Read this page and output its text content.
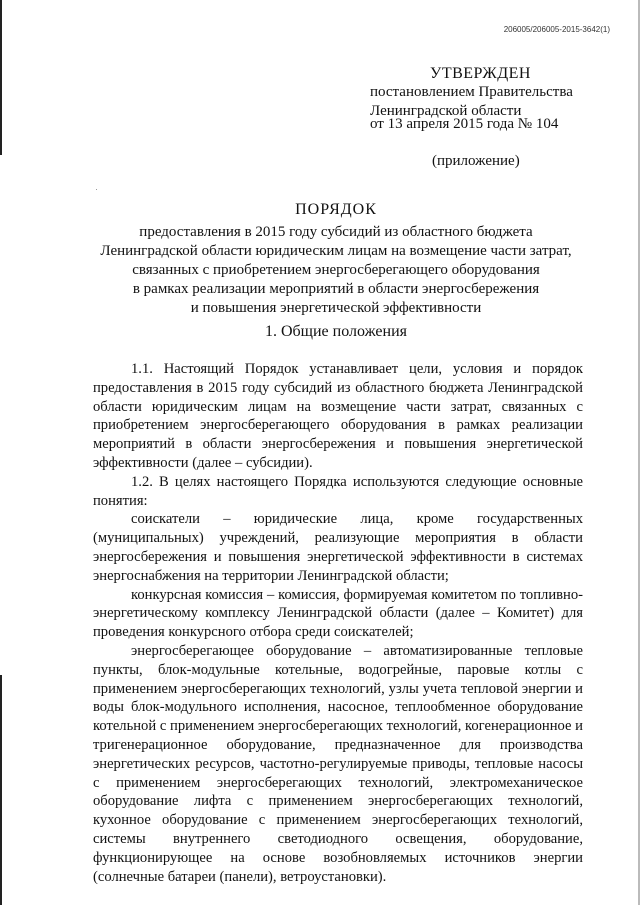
206005/206005-2015-3642(1)
УТВЕРЖДЕН
постановлением Правительства
Ленинградской области
от 13 апреля 2015 года № 104
(приложение)
ПОРЯДОК
предоставления в 2015 году субсидий из областного бюджета
Ленинградской области юридическим лицам на возмещение части затрат,
связанных с приобретением энергосберегающего оборудования
в рамках реализации мероприятий в области энергосбережения
и повышения энергетической эффективности
1. Общие положения

1.1. Настоящий Порядок устанавливает цели, условия и порядок предоставления в 2015 году субсидий из областного бюджета Ленинградской области юридическим лицам на возмещение части затрат, связанных с приобретением энергосберегающего оборудования в рамках реализации мероприятий в области энергосбережения и повышения энергетической эффективности (далее – субсидии).

1.2. В целях настоящего Порядка используются следующие основные понятия:

соискатели – юридические лица, кроме государственных (муниципальных) учреждений, реализующие мероприятия в области энергосбережения и повышения энергетической эффективности в системах энергоснабжения на территории Ленинградской области;

конкурсная комиссия – комиссия, формируемая комитетом по топливно-энергетическому комплексу Ленинградской области (далее – Комитет) для проведения конкурсного отбора среди соискателей;

энергосберегающее оборудование – автоматизированные тепловые пункты, блок-модульные котельные, водогрейные, паровые котлы с применением энергосберегающих технологий, узлы учета тепловой энергии и воды блок-модульного исполнения, насосное, теплообменное оборудование котельной с применением энергосберегающих технологий, когенерационное и тригенерационное оборудование, предназначенное для производства энергетических ресурсов, частотно-регулируемые приводы, тепловые насосы с применением энергосберегающих технологий, электромеханическое оборудование лифта с применением энергосберегающих технологий, кухонное оборудование с применением энергосберегающих технологий, системы внутреннего светодиодного освещения, оборудование, функционирующее на основе возобновляемых источников энергии (солнечные батареи (панели), ветроустановки).
